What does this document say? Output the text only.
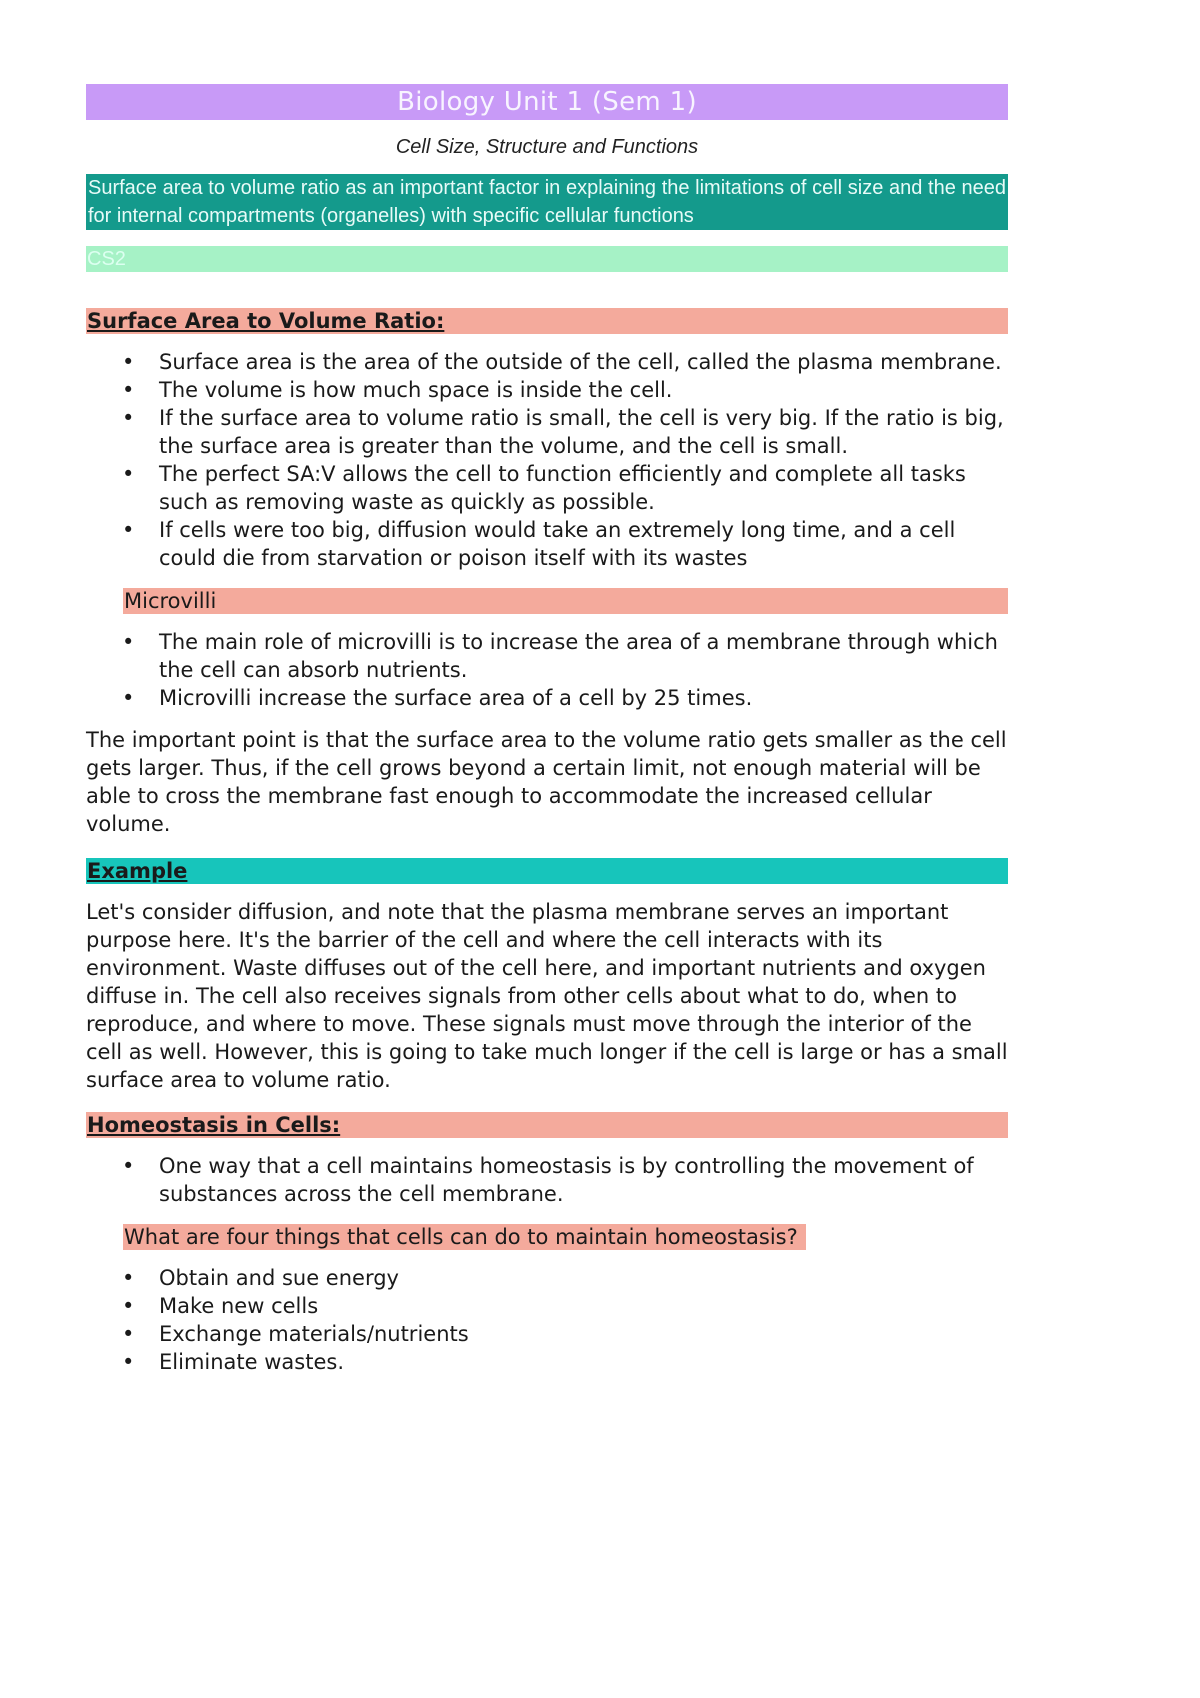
Biology Unit 1 (Sem 1)
Cell Size, Structure and Functions
Surface area to volume ratio as an important factor in explaining the limitations of cell size and the need for internal compartments (organelles) with specific cellular functions
CS2
Surface Area to Volume Ratio:
• Surface area is the area of the outside of the cell, called the plasma membrane.
• The volume is how much space is inside the cell.
• If the surface area to volume ratio is small, the cell is very big. If the ratio is big, the surface area is greater than the volume, and the cell is small.
• The perfect SA:V allows the cell to function efficiently and complete all tasks such as removing waste as quickly as possible.
• If cells were too big, diffusion would take an extremely long time, and a cell could die from starvation or poison itself with its wastes
Microvilli
• The main role of microvilli is to increase the area of a membrane through which the cell can absorb nutrients.
• Microvilli increase the surface area of a cell by 25 times.

The important point is that the surface area to the volume ratio gets smaller as the cell gets larger. Thus, if the cell grows beyond a certain limit, not enough material will be able to cross the membrane fast enough to accommodate the increased cellular volume.

Example

Let's consider diffusion, and note that the plasma membrane serves an important purpose here. It's the barrier of the cell and where the cell interacts with its environment. Waste diffuses out of the cell here, and important nutrients and oxygen diffuse in. The cell also receives signals from other cells about what to do, when to reproduce, and where to move. These signals must move through the interior of the cell as well. However, this is going to take much longer if the cell is large or has a small surface area to volume ratio.

Homeostasis in Cells:
• One way that a cell maintains homeostasis is by controlling the movement of substances across the cell membrane.
What are four things that cells can do to maintain homeostasis?
• Obtain and sue energy
• Make new cells
• Exchange materials/nutrients
• Eliminate wastes.
